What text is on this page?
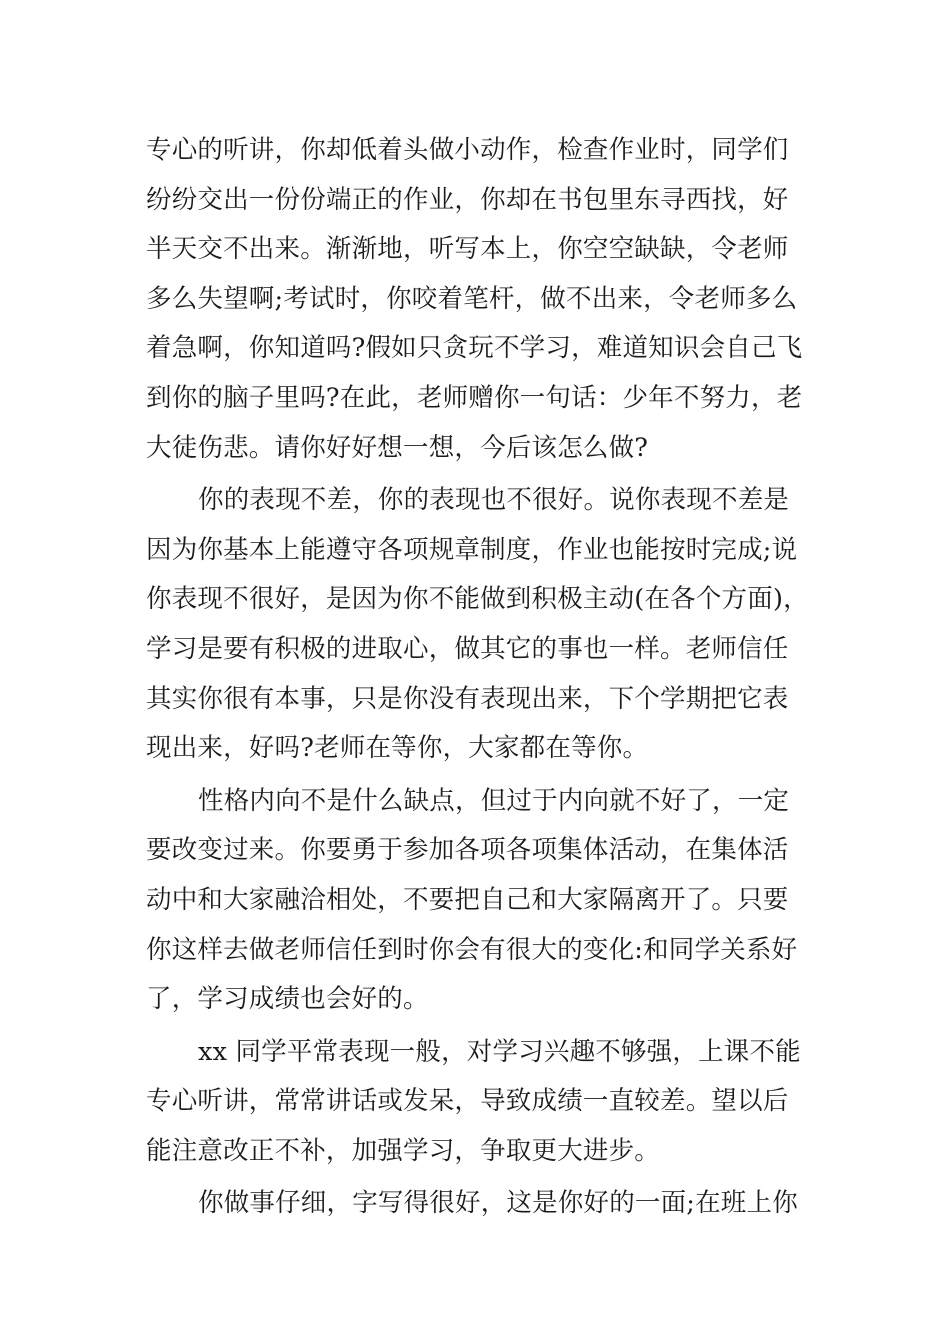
专心的听讲，你却低着头做小动作，检查作业时，同学们
纷纷交出一份份端正的作业，你却在书包里东寻西找，好
半天交不出来。渐渐地，听写本上，你空空缺缺，令老师
多么失望啊;考试时，你咬着笔杆，做不出来，令老师多么
着急啊，你知道吗?假如只贪玩不学习，难道知识会自己飞
到你的脑子里吗?在此，老师赠你一句话：少年不努力，老
大徒伤悲。请你好好想一想，今后该怎么做?
你的表现不差，你的表现也不很好。说你表现不差是
因为你基本上能遵守各项规章制度，作业也能按时完成;说
你表现不很好，是因为你不能做到积极主动(在各个方面)，
学习是要有积极的进取心，做其它的事也一样。老师信任
其实你很有本事，只是你没有表现出来，下个学期把它表
现出来，好吗?老师在等你，大家都在等你。
性格内向不是什么缺点，但过于内向就不好了，一定
要改变过来。你要勇于参加各项各项集体活动，在集体活
动中和大家融洽相处，不要把自己和大家隔离开了。只要
你这样去做老师信任到时你会有很大的变化:和同学关系好
了，学习成绩也会好的。
xx 同学平常表现一般，对学习兴趣不够强，上课不能
专心听讲，常常讲话或发呆，导致成绩一直较差。望以后
能注意改正不补，加强学习，争取更大进步。
你做事仔细，字写得很好，这是你好的一面;在班上你
